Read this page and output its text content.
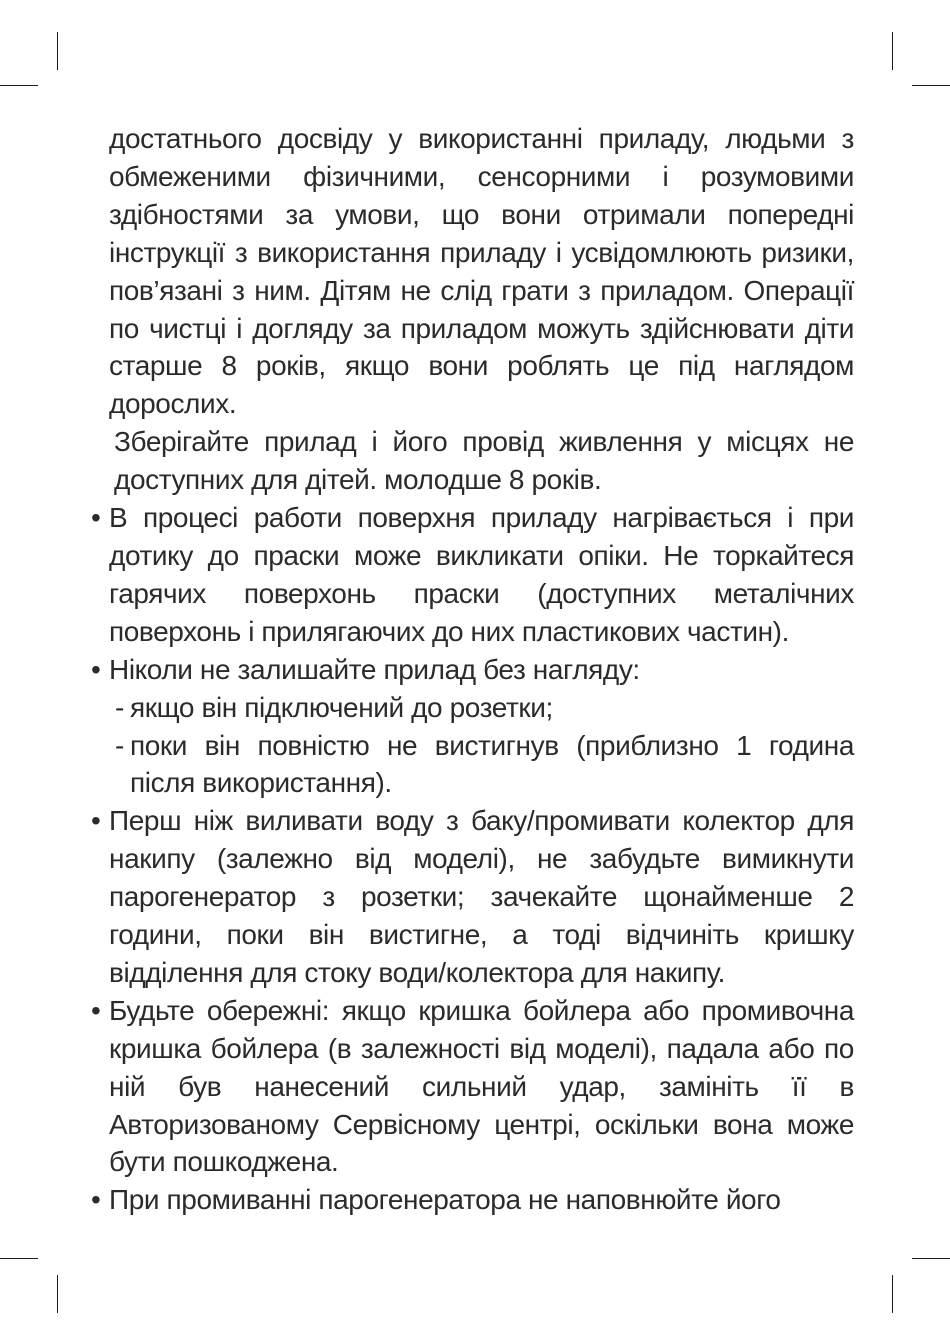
достатнього досвіду у використанні приладу, людьми з обмеженими фізичними, сенсорними і розумовими здібностями за умови, що вони отримали попередні інструкції з використання приладу і усвідомлюють ризики, пов’язані з ним. Дітям не слід грати з приладом. Операції по чистці і догляду за приладом можуть здійснювати діти старше 8 років, якщо вони роблять це під наглядом дорослих.

Зберігайте прилад і його провід живлення у місцях не доступних для дітей. молодше 8 років.

• В процесі работи поверхня приладу нагрівається і при дотику до праски може викликати опіки. Не торкайтеся гарячих поверхонь праски (доступних металічних поверхонь і прилягаючих до них пластикових частин).
• Ніколи не залишайте прилад без нагляду:
- якщо він підключений до розетки;
- поки він повністю не вистигнув (приблизно 1 година після використання).
• Перш ніж виливати воду з баку/промивати колектор для накипу (залежно від моделі), не забудьте вимикнути парогенератор з розетки; зачекайте щонайменше 2 години, поки він вистигне, а тоді відчиніть кришку відділення для стоку води/колектора для накипу.
• Будьте обережні: якщо кришка бойлера або промивочна кришка бойлера (в залежності від моделі), падала або по ній був нанесений сильний удар, замініть її в Авторизованому Сервісному центрі, оскільки вона може бути пошкоджена.
• При промиванні парогенератора не наповнюйте його
